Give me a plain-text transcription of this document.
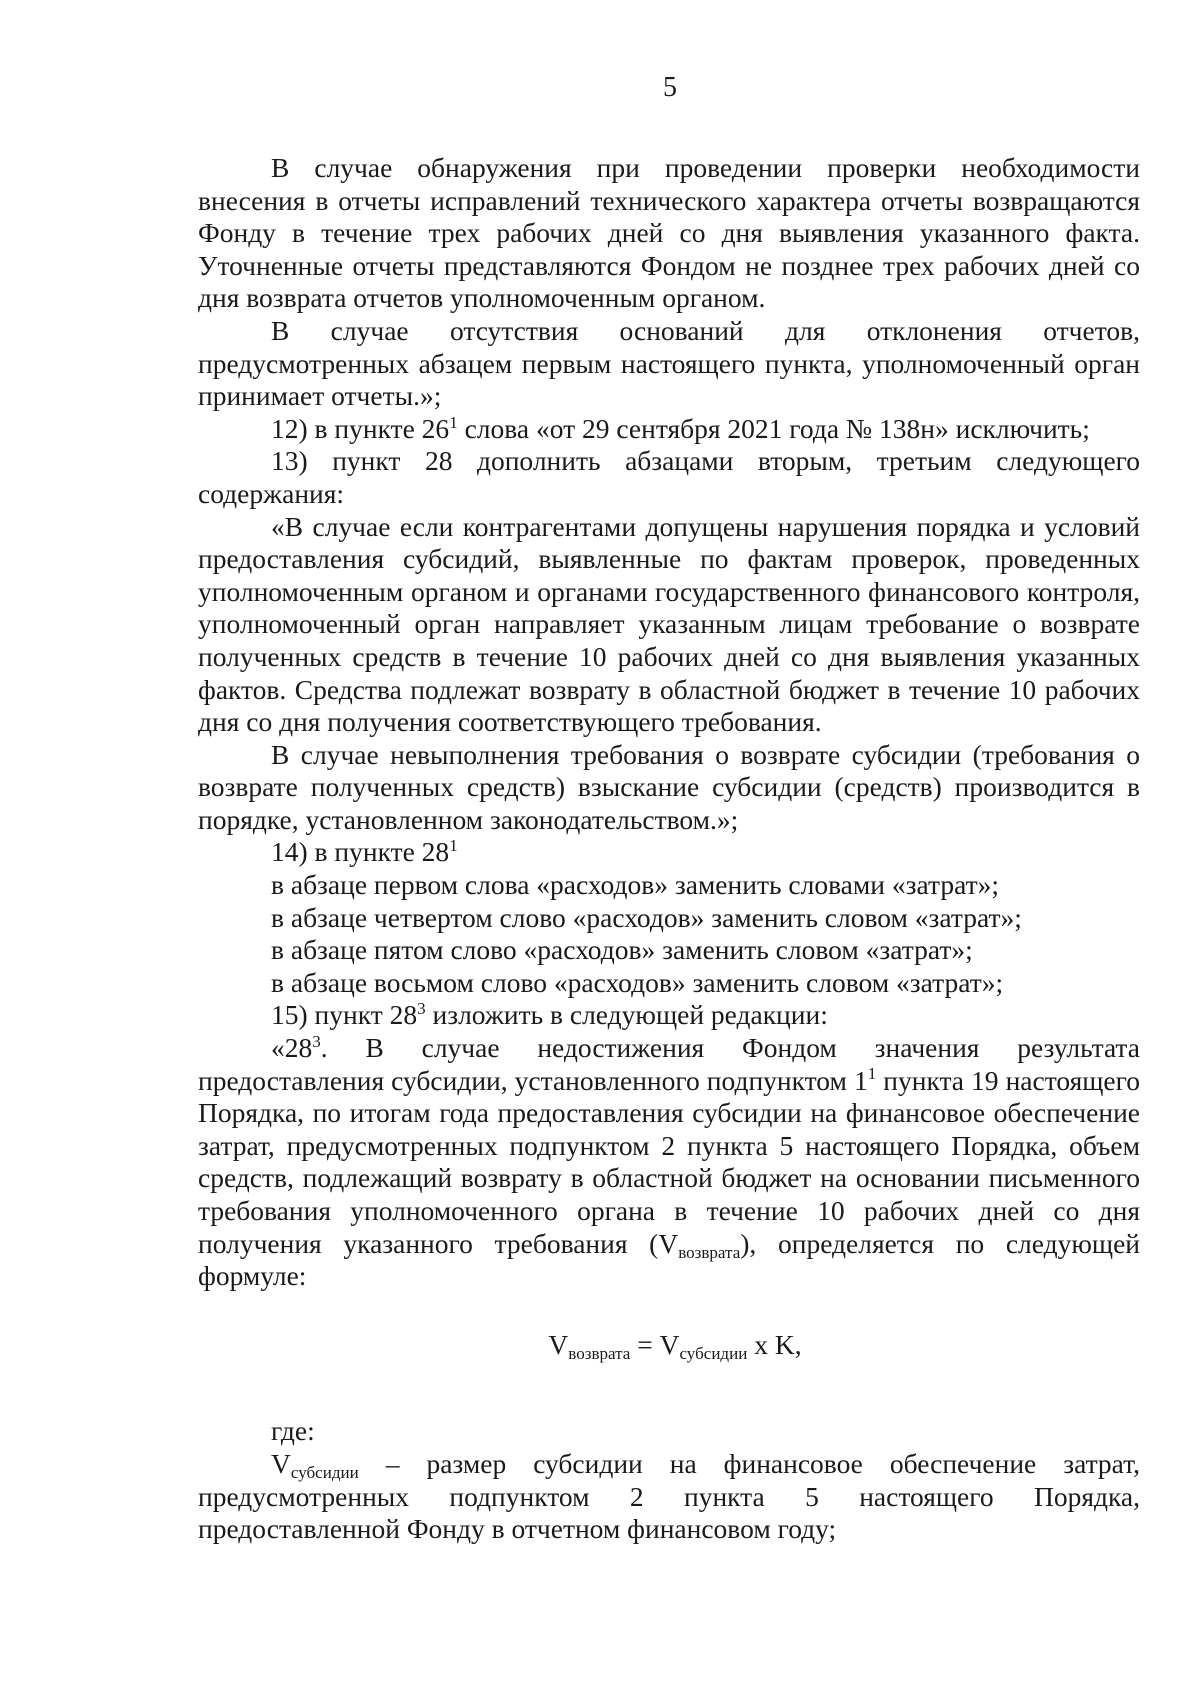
5

В случае обнаружения при проведении проверки необходимости внесения в отчеты исправлений технического характера отчеты возвращаются Фонду в течение трех рабочих дней со дня выявления указанного факта. Уточненные отчеты представляются Фондом не позднее трех рабочих дней со дня возврата отчетов уполномоченным органом.

В случае отсутствия оснований для отклонения отчетов, предусмотренных абзацем первым настоящего пункта, уполномоченный орган принимает отчеты.»;

12) в пункте $26^1$ слова «от 29 сентября 2021 года № 138н» исключить;

13) пункт 28 дополнить абзацами вторым, третьим следующего содержания:

«В случае если контрагентами допущены нарушения порядка и условий предоставления субсидий, выявленные по фактам проверок, проведенных уполномоченным органом и органами государственного финансового контроля, уполномоченный орган направляет указанным лицам требование о возврате полученных средств в течение 10 рабочих дней со дня выявления указанных фактов. Средства подлежат возврату в областной бюджет в течение 10 рабочих дня со дня получения соответствующего требования.

В случае невыполнения требования о возврате субсидии (требования о возврате полученных средств) взыскание субсидии (средств) производится в порядке, установленном законодательством.»;

14) в пункте $28^1$

в абзаце первом слова «расходов» заменить словами «затрат»;

в абзаце четвертом слово «расходов» заменить словом «затрат»;

в абзаце пятом слово «расходов» заменить словом «затрат»;

в абзаце восьмом слово «расходов» заменить словом «затрат»;

15) пункт $28^3$ изложить в следующей редакции:

«$28^3$. В случае недостижения Фондом значения результата предоставления субсидии, установленного подпунктом $1^1$ пункта 19 настоящего Порядка, по итогам года предоставления субсидии на финансовое обеспечение затрат, предусмотренных подпунктом 2 пункта 5 настоящего Порядка, объем средств, подлежащий возврату в областной бюджет на основании письменного требования уполномоченного органа в течение 10 рабочих дней со дня получения указанного требования $(V_{возврата})$, определяется по следующей формуле:

$V_{возврата} = V_{субсидии}$ x K,

где:

$V_{субсидии}$ – размер субсидии на финансовое обеспечение затрат, предусмотренных подпунктом 2 пункта 5 настоящего Порядка, предоставленной Фонду в отчетном финансовом году;
